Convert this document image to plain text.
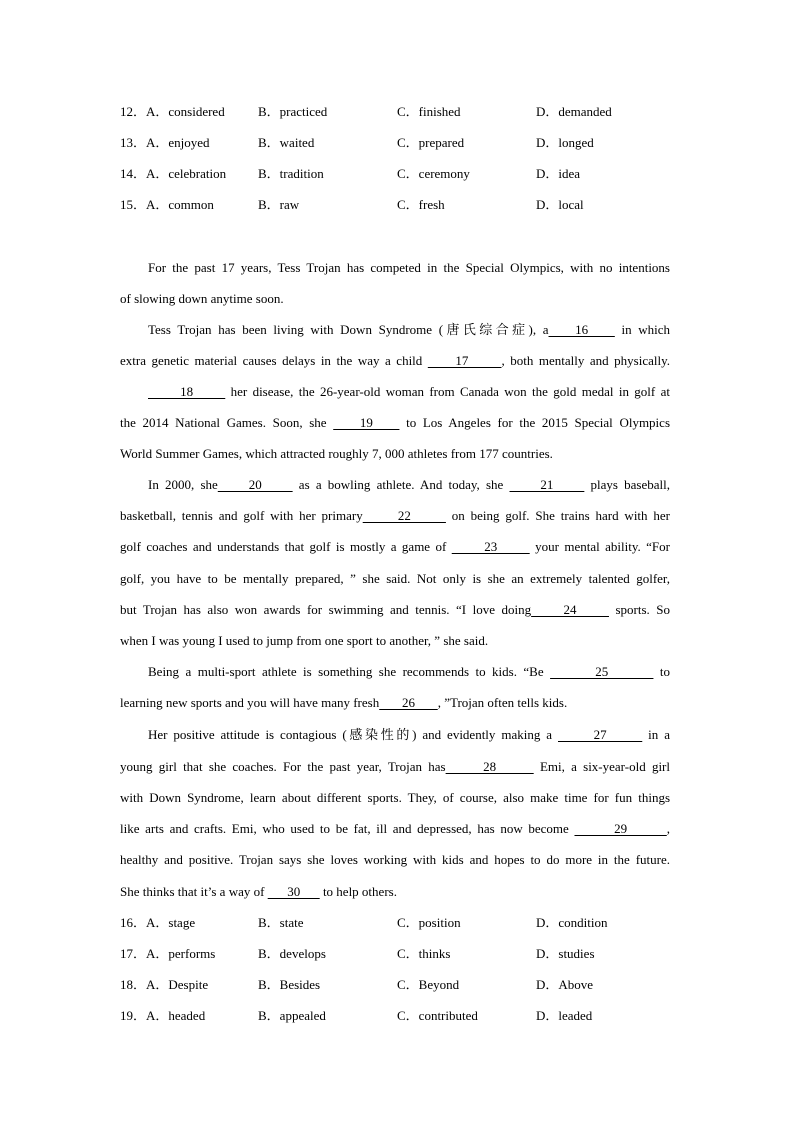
12．A．considered	B．practiced	C．finished	D．demanded
13．A．enjoyed	B．waited	C．prepared	D．longed
14．A．celebration B．tradition	C．ceremony	D．idea
15．A．common	B．raw	C．fresh	D．local
For the past 17 years, Tess Trojan has competed in the Special Olympics, with no intentions
of slowing down anytime soon.
Tess Trojan has been living with Down Syndrome (唐氏综合症), a    16     in which
extra genetic material causes delays in the way a child      17      , both mentally and physically.
18       her disease, the 26-year-old woman from Canada won the gold medal in golf at
the 2014 National Games. Soon, she     19     to Los Angeles for the 2015 Special Olympics
World Summer Games, which attracted roughly 7, 000 athletes from 177 countries.
In 2000, she     20      as a bowling athlete. And today, she      21      plays baseball,
basketball, tennis and golf with her primary      22       on being golf. She trains hard with her
golf coaches and understands that golf is mostly a game of       23       your mental ability. “For
golf, you have to be mentally prepared, ” she said. Not only is she an extremely talented golfer,
but Trojan has also won awards for swimming and tennis. “I love doing     24      sports. So
when I was young I used to jump from one sport to another, ” she said.
Being a multi-sport athlete is something she recommends to kids. “Be        25        to
learning new sports and you will have many fresh       26       , ”Trojan often tells kids.
Her positive attitude is contagious (感染性的) and evidently making a       27       in a
young girl that she coaches. For the past year, Trojan has      28       Emi, a six-year-old girl
with Down Syndrome, learn about different sports. They, of course, also make time for fun things
like arts and crafts. Emi, who used to be fat, ill and depressed, has now become        29       ,
healthy and positive. Trojan says she loves working with kids and hopes to do more in the future.
She thinks that it’s a way of       30       to help others.
16．A．stage	B．state	C．position	D．condition
17．A．performs	B．develops	C．thinks	D．studies
18．A．Despite	B．Besides	C．Beyond	D．Above
19．A．headed	B．appealed	C．contributed	D．leaded
